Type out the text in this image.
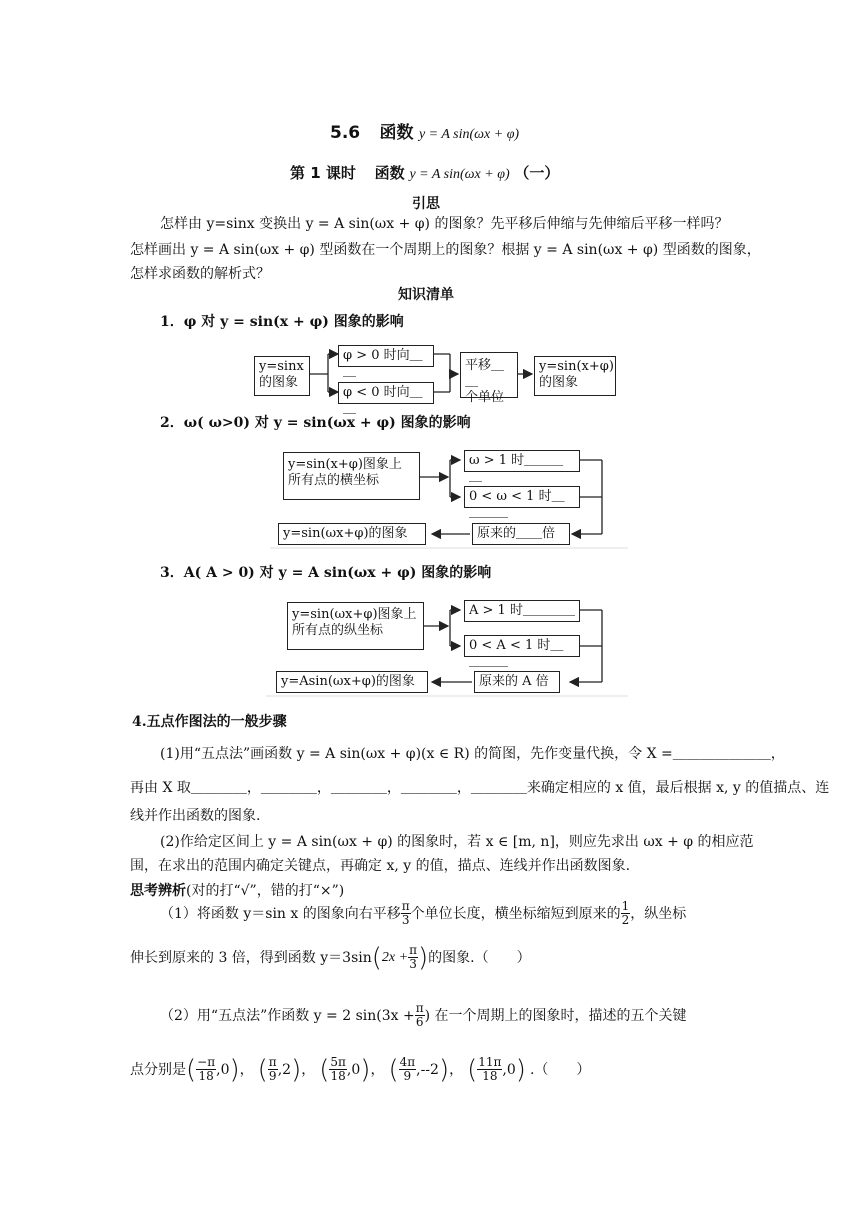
5.6 函数 y = A sin(ωx + φ)
第 1 课时 函数 y = A sin(ωx + φ) （一）
引思
怎样由 y=sinx 变换出 y = A sin(ωx + φ) 的图象？先平移后伸缩与先伸缩后平移一样吗？
怎样画出 y = A sin(ωx + φ) 型函数在一个周期上的图象？根据 y = A sin(ωx + φ) 型函数的图象，
怎样求函数的解析式？
知识清单
1．φ 对 y = sin(x + φ) 图象的影响
y=sinx
的图象
φ > 0 时向＿＿
φ < 0 时向＿＿
平移＿＿
个单位
y=sin(x+φ)
的图象
2．ω( ω>0) 对 y = sin(ωx + φ) 图象的影响
y=sin(x+φ)图象上
所有点的横坐标
ω > 1 时＿＿＿＿
0 < ω < 1 时＿＿＿＿
原来的＿＿倍
y=sin(ωx+φ)的图象
3．A( A > 0) 对 y = A sin(ωx + φ) 图象的影响
y=sin(ωx+φ)图象上
所有点的纵坐标
A > 1 时＿＿＿＿
0 < A < 1 时＿＿＿＿
原来的 A 倍
y=Asin(ωx+φ)的图象
4.五点作图法的一般步骤
(1)用“五点法”画函数 y = A sin(ωx + φ)(x ∈ R) 的简图，先作变量代换，令 X =＿＿＿＿＿＿＿，
再由 X 取＿＿＿＿，＿＿＿＿，＿＿＿＿，＿＿＿＿，＿＿＿＿来确定相应的 x 值，最后根据 x, y 的值描点、连
线并作出函数的图象.
(2)作给定区间上 y = A sin(ωx + φ) 的图象时，若 x ∈ [m, n]，则应先求出 ωx + φ 的相应范
围，在求出的范围内确定关键点，再确定 x, y 的值，描点、连线并作出函数图象.
思考辨析(对的打“√”，错的打“×”)
（1）将函数 y＝sin x 的图象向右平移 $\frac{\pi}{3}$ 个单位长度，横坐标缩短到原来的 $\frac{1}{2}$ ，纵坐标
伸长到原来的 3 倍，得到函数 y＝3sin ( $2x + \frac{\pi}{3}$ ) 的图象.（　　）
（2）用“五点法”作函数 y = 2 $\sin(3x + \frac{\pi}{6}$ ) 在一个周期上的图象时，描述的五个关键
点分别是 ( $\frac{-\pi}{18}$ , 0 ) ， ( $\frac{\pi}{9}$ , 2 ) ， ( $\frac{5\pi}{18}$ , 0 ) ， ( $\frac{4\pi}{9}$ , --2 ) ， ( $\frac{11\pi}{18}$ , 0 ) .（　　）
